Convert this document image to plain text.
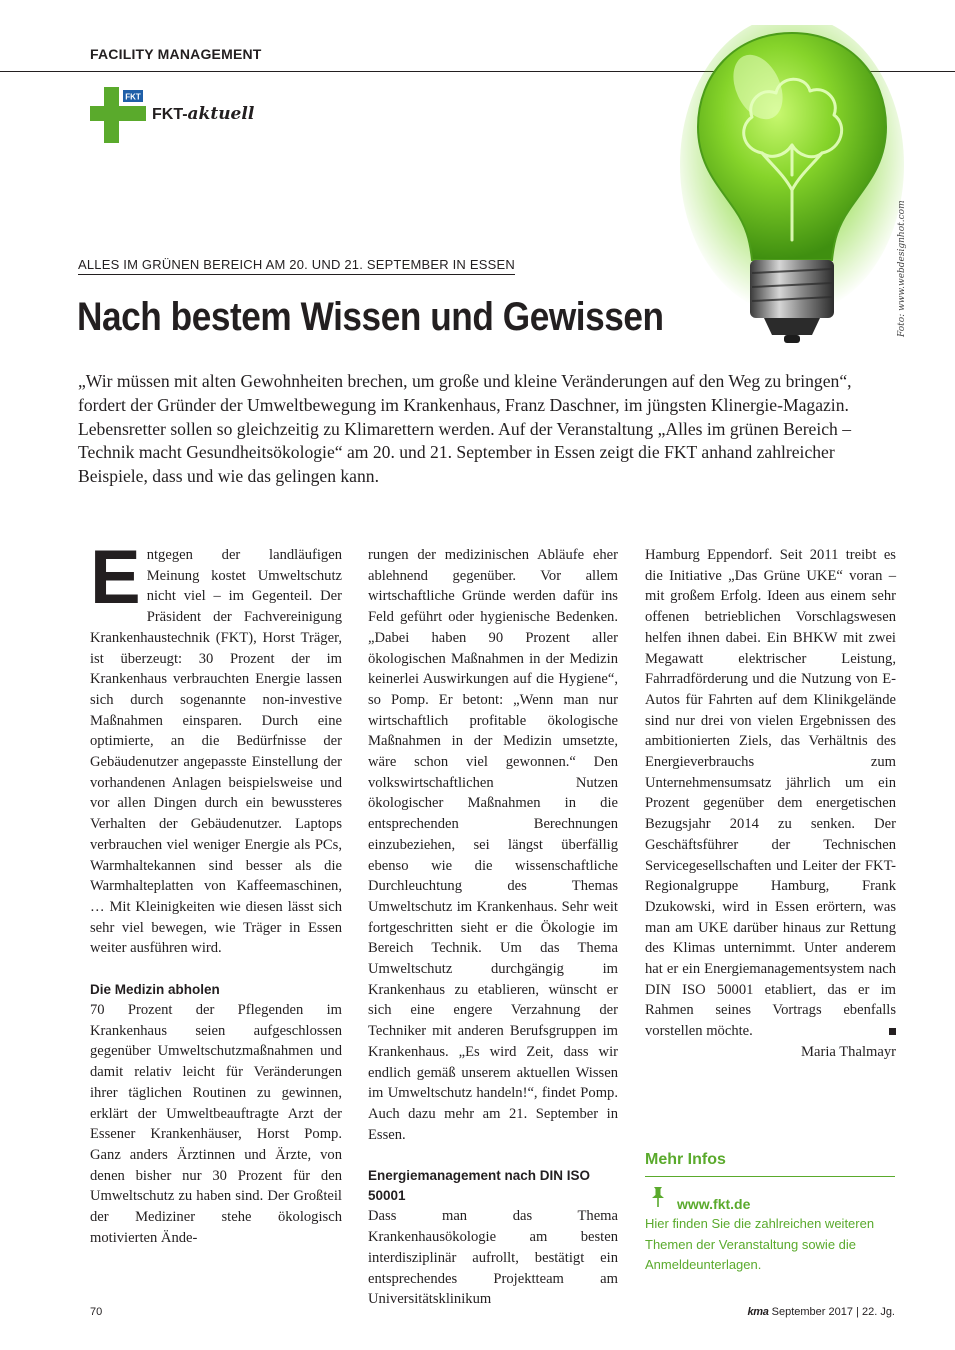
FACILITY MANAGEMENT
FKT
FKT-aktuell
Foto: www.webdesignhot.com
ALLES IM GRÜNEN BEREICH AM 20. UND 21. SEPTEMBER IN ESSEN
Nach bestem Wissen und Gewissen

„Wir müssen mit alten Gewohnheiten brechen, um große und kleine Veränderungen auf den Weg zu bringen“, fordert der Gründer der Umweltbewegung im Krankenhaus, Franz Daschner, im jüngsten Klinergie-Magazin. Lebensretter sollen so gleichzeitig zu Klimarettern werden. Auf der Veranstaltung „Alles im grünen Bereich – Technik macht Gesundheitsökologie“ am 20. und 21. September in Essen zeigt die FKT anhand zahlreicher Beispiele, dass und wie das gelingen kann.

E ntgegen der landläufigen Meinung kostet Umweltschutz nicht viel – im Gegenteil. Der Präsident der Fachvereinigung Krankenhaustechnik (FKT), Horst Träger, ist überzeugt: 30 Prozent der im Krankenhaus verbrauchten Energie lassen sich durch sogenannte non-investive Maßnahmen einsparen. Durch eine optimierte, an die Bedürfnisse der Gebäudenutzer angepasste Einstellung der vorhandenen Anlagen beispielsweise und vor allen Dingen durch ein bewussteres Verhalten der Gebäudenutzer. Laptops verbrauchen viel weniger Energie als PCs, Warmhaltekannen sind besser als die Warmhalteplatten von Kaffeemaschinen, … Mit Kleinigkeiten wie diesen lässt sich sehr viel bewegen, wie Träger in Essen weiter ausführen wird.

Die Medizin abholen

70 Prozent der Pflegenden im Krankenhaus seien aufgeschlossen gegenüber Umweltschutzmaßnahmen und damit relativ leicht für Veränderungen ihrer täglichen Routinen zu gewinnen, erklärt der Umweltbeauftragte Arzt der Essener Krankenhäuser, Horst Pomp. Ganz anders Ärztinnen und Ärzte, von denen bisher nur 30 Prozent für den Umweltschutz zu haben sind. Der Großteil der Mediziner stehe ökologisch motivierten Ände-

rungen der medizinischen Abläufe eher ablehnend gegenüber. Vor allem wirtschaftliche Gründe werden dafür ins Feld geführt oder hygienische Bedenken. „Dabei haben 90 Prozent aller ökologischen Maßnahmen in der Medizin keinerlei Auswirkungen auf die Hygiene“, so Pomp. Er betont: „Wenn man nur wirtschaftlich profitable ökologische Maßnahmen in der Medizin umsetzte, wäre schon viel gewonnen.“ Den volkswirtschaftlichen Nutzen ökologischer Maßnahmen in die entsprechenden Berechnungen einzubeziehen, sei längst überfällig ebenso wie die wissenschaftliche Durchleuchtung des Themas Umweltschutz im Krankenhaus. Sehr weit fortgeschritten sieht er die Ökologie im Bereich Technik. Um das Thema Umweltschutz durchgängig im Krankenhaus zu etablieren, wünscht er sich eine engere Verzahnung der Techniker mit anderen Berufsgruppen im Krankenhaus. „Es wird Zeit, dass wir endlich gemäß unserem aktuellen Wissen im Umweltschutz handeln!“, findet Pomp. Auch dazu mehr am 21. September in Essen.

Energiemanagement nach DIN ISO 50001

Dass man das Thema Krankenhausökologie am besten interdisziplinär aufrollt, bestätigt ein entsprechendes Projektteam am Universitätsklinikum

Hamburg Eppendorf. Seit 2011 treibt es die Initiative „Das Grüne UKE“ voran – mit großem Erfolg. Ideen aus einem sehr offenen betrieblichen Vorschlagswesen helfen ihnen dabei. Ein BHKW mit zwei Megawatt elektrischer Leistung, Fahrradförderung und die Nutzung von E-Autos für Fahrten auf dem Klinikgelände sind nur drei von vielen Ergebnissen des ambitionierten Ziels, das Verhältnis des Energieverbrauchs zum Unternehmensumsatz jährlich um ein Prozent gegenüber dem energetischen Bezugsjahr 2014 zu senken. Der Geschäftsführer der Technischen Servicegesellschaften und Leiter der FKT-Regionalgruppe Hamburg, Frank Dzukowski, wird in Essen erörtern, was man am UKE darüber hinaus zur Rettung des Klimas unternimmt. Unter anderem hat er ein Energiemanagementsystem nach DIN ISO 50001 etabliert, das er im Rahmen seines Vortrags ebenfalls vorstellen möchte.

Maria Thalmayr

Mehr Infos
www.fkt.de

Hier finden Sie die zahlreichen weiteren Themen der Veranstaltung sowie die Anmeldeunterlagen.

70	kma September 2017 | 22. Jg.
